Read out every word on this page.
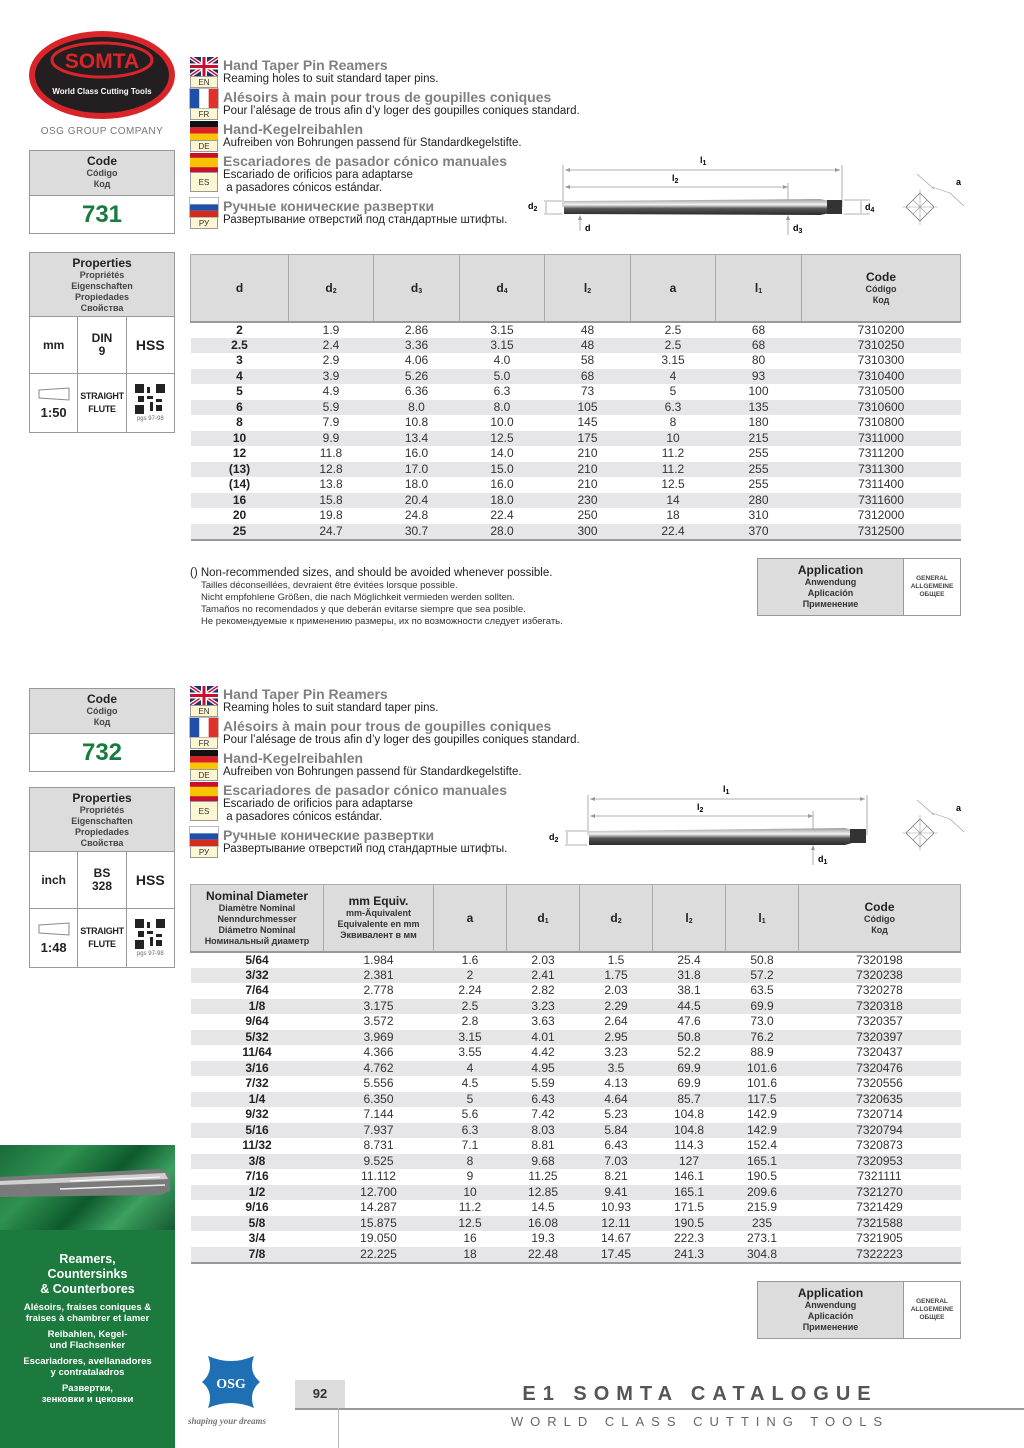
SOMTA
World Class Cutting Tools
OSG GROUP COMPANY
Code
Código
Код
731
Properties
Propriétés
Eigenschaften
Propiedades
Свойства
mm	DIN
9	HSS
1:50
STRAIGHT
FLUTE
pgs 97-98
EN
Hand Taper Pin Reamers
Reaming holes to suit standard taper pins.
FR
Alésoirs à main pour trous de goupilles coniques
Pour l’alésage de trous afin d’y loger des goupilles coniques standard.
DE
Hand-Kegelreibahlen
Aufreiben von Bohrungen passend für Standardkegelstifte.
ES
Escariadores de pasador cónico manuales
Escariado de orificios para adaptarse
a pasadores cónicos estándar.
РУ
Ручные конические развертки
Развертывание отверстий под стандартные штифты.
$l_1$
$l_2$
$d_2$	$d_4$
d	$d_3$
a
d	$d_2$	$d_3$	$d_4$	$l_2$	a	$l_1$	Code
Código
Код

2	1.9	2.86	3.15	48	2.5	68	7310200
2.5	2.4	3.36	3.15	48	2.5	68	7310250
3	2.9	4.06	4.0	58	3.15	80	7310300
4	3.9	5.26	5.0	68	4	93	7310400
5	4.9	6.36	6.3	73	5	100	7310500
6	5.9	8.0	8.0	105	6.3	135	7310600
8	7.9	10.8	10.0	145	8	180	7310800
10	9.9	13.4	12.5	175	10	215	7311000
12	11.8	16.0	14.0	210	11.2	255	7311200
(13)	12.8	17.0	15.0	210	11.2	255	7311300
(14)	13.8	18.0	16.0	210	12.5	255	7311400
16	15.8	20.4	18.0	230	14	280	7311600
20	19.8	24.8	22.4	250	18	310	7312000
25	24.7	30.7	28.0	300	22.4	370	7312500
() Non-recommended sizes, and should be avoided whenever possible.
Tailles déconseillées, devraient être évitées lorsque possible.
Nicht empfohlene Größen, die nach Möglichkeit vermieden werden sollten.
Tamaños no recomendados y que deberán evitarse siempre que sea posible.
Не рекомендуемые к применению размеры, их по возможности следует избегать.
Application
Anwendung
Aplicación
Применение
GENERAL
ALLGEMEINE
ОБЩЕЕ
Code
Código
Код
732
Properties
Propriétés
Eigenschaften
Propiedades
Свойства
inch	BS
328	HSS
1:48
STRAIGHT
FLUTE
pgs 97-98
EN
Hand Taper Pin Reamers
Reaming holes to suit standard taper pins.
FR
Alésoirs à main pour trous de goupilles coniques
Pour l’alésage de trous afin d’y loger des goupilles coniques standard.
DE
Hand-Kegelreibahlen
Aufreiben von Bohrungen passend für Standardkegelstifte.
ES
Escariadores de pasador cónico manuales
Escariado de orificios para adaptarse
a pasadores cónicos estándar.
РУ
Ручные конические развертки
Развертывание отверстий под стандартные штифты.
$l_1$
$l_2$
$d_2$
$d_1$
a
Nominal Diameter
Diamètre Nominal
Nenndurchmesser
Diámetro Nominal
Номинальный диаметр	mm Equiv.
mm-Äquivalent
Equivalente en mm
Эквивалент в мм	a	$d_1$	$d_2$	$l_2$	$l_1$	Code
Código
Код

5/64	1.984	1.6	2.03	1.5	25.4	50.8	7320198
3/32	2.381	2	2.41	1.75	31.8	57.2	7320238
7/64	2.778	2.24	2.82	2.03	38.1	63.5	7320278
1/8	3.175	2.5	3.23	2.29	44.5	69.9	7320318
9/64	3.572	2.8	3.63	2.64	47.6	73.0	7320357
5/32	3.969	3.15	4.01	2.95	50.8	76.2	7320397
11/64	4.366	3.55	4.42	3.23	52.2	88.9	7320437
3/16	4.762	4	4.95	3.5	69.9	101.6	7320476
7/32	5.556	4.5	5.59	4.13	69.9	101.6	7320556
1/4	6.350	5	6.43	4.64	85.7	117.5	7320635
9/32	7.144	5.6	7.42	5.23	104.8	142.9	7320714
5/16	7.937	6.3	8.03	5.84	104.8	142.9	7320794
11/32	8.731	7.1	8.81	6.43	114.3	152.4	7320873
3/8	9.525	8	9.68	7.03	127	165.1	7320953
7/16	11.112	9	11.25	8.21	146.1	190.5	7321111
1/2	12.700	10	12.85	9.41	165.1	209.6	7321270
9/16	14.287	11.2	14.5	10.93	171.5	215.9	7321429
5/8	15.875	12.5	16.08	12.11	190.5	235	7321588
3/4	19.050	16	19.3	14.67	222.3	273.1	7321905
7/8	22.225	18	22.48	17.45	241.3	304.8	7322223
Application
Anwendung
Aplicación
Применение
GENERAL
ALLGEMEINE
ОБЩЕЕ
Reamers,
Countersinks
& Counterbores
Alésoirs, fraises coniques &
fraises à chambrer et lamer
Reibahlen, Kegel-
und Flachsenker
Escariadores, avellanadores
y contrataladros
Развертки,
зенковки и цековки
OSG
shaping your dreams
92	E1 SOMTA CATALOGUE
WORLD CLASS CUTTING TOOLS
